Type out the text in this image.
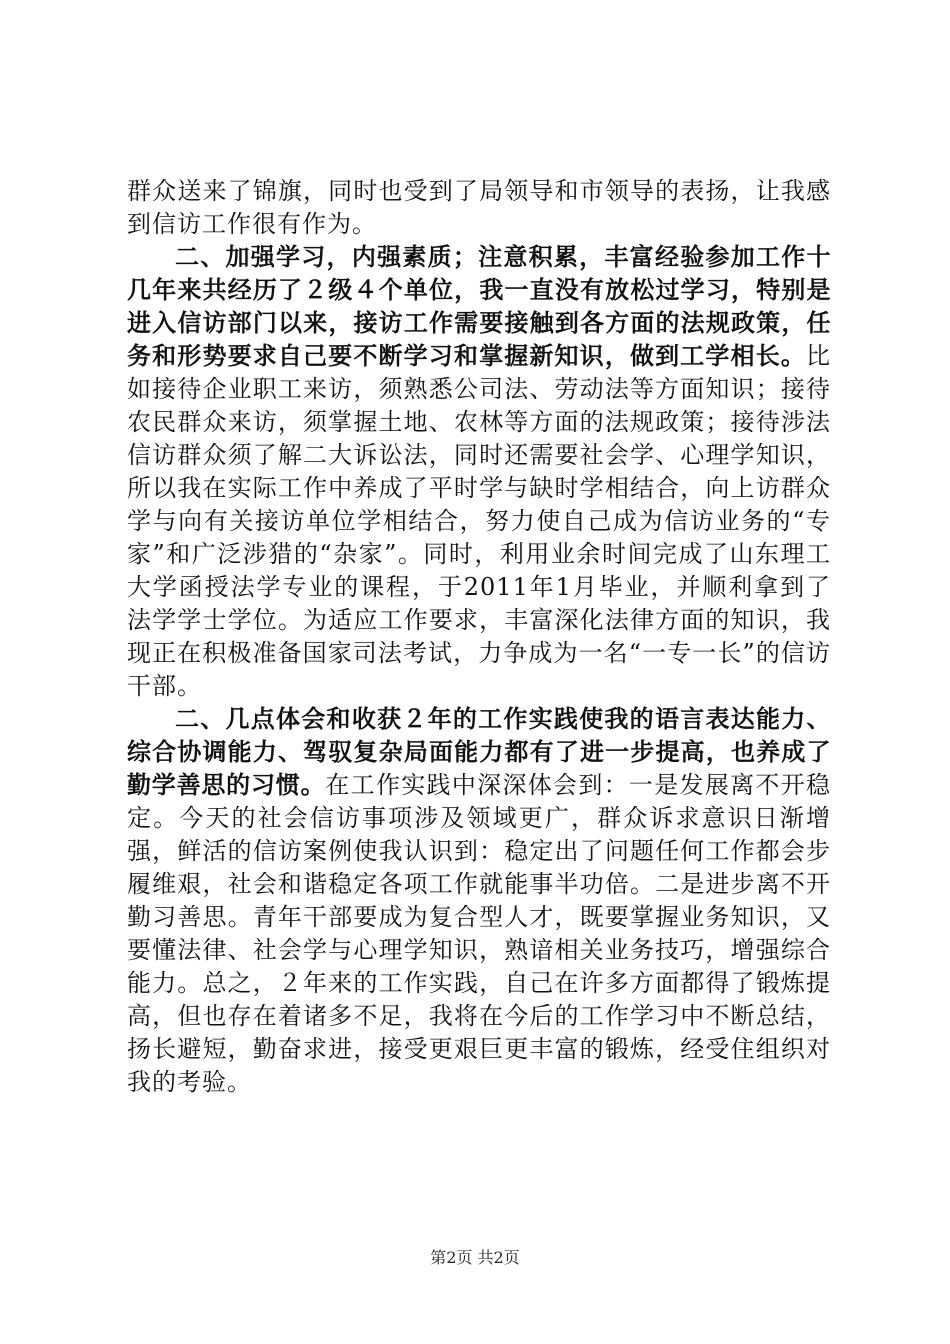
群众送来了锦旗，同时也受到了局领导和市领导的表扬，让我感到信访工作很有作为。

二、加强学习，内强素质；注意积累，丰富经验参加工作十几年来共经历了２级４个单位，我一直没有放松过学习，特别是进入信访部门以来，接访工作需要接触到各方面的法规政策，任务和形势要求自己要不断学习和掌握新知识，做到工学相长。比如接待企业职工来访，须熟悉公司法、劳动法等方面知识；接待农民群众来访，须掌握土地、农林等方面的法规政策；接待涉法信访群众须了解二大诉讼法，同时还需要社会学、心理学知识，所以我在实际工作中养成了平时学与缺时学相结合，向上访群众学与向有关接访单位学相结合，努力使自己成为信访业务的“专家”和广泛涉猎的“杂家”。同时，利用业余时间完成了山东理工大学函授法学专业的课程，于2011年1月毕业，并顺利拿到了法学学士学位。为适应工作要求，丰富深化法律方面的知识，我现正在积极准备国家司法考试，力争成为一名“一专一长”的信访干部。

二、几点体会和收获２年的工作实践使我的语言表达能力、综合协调能力、驾驭复杂局面能力都有了进一步提高，也养成了勤学善思的习惯。在工作实践中深深体会到：一是发展离不开稳定。今天的社会信访事项涉及领域更广，群众诉求意识日渐增强，鲜活的信访案例使我认识到：稳定出了问题任何工作都会步履维艰，社会和谐稳定各项工作就能事半功倍。二是进步离不开勤习善思。青年干部要成为复合型人才，既要掌握业务知识，又要懂法律、社会学与心理学知识，熟谙相关业务技巧，增强综合能力。总之，２年来的工作实践，自己在许多方面都得了锻炼提高，但也存在着诸多不足，我将在今后的工作学习中不断总结，扬长避短，勤奋求进，接受更艰巨更丰富的锻炼，经受住组织对我的考验。

第2页 共2页
